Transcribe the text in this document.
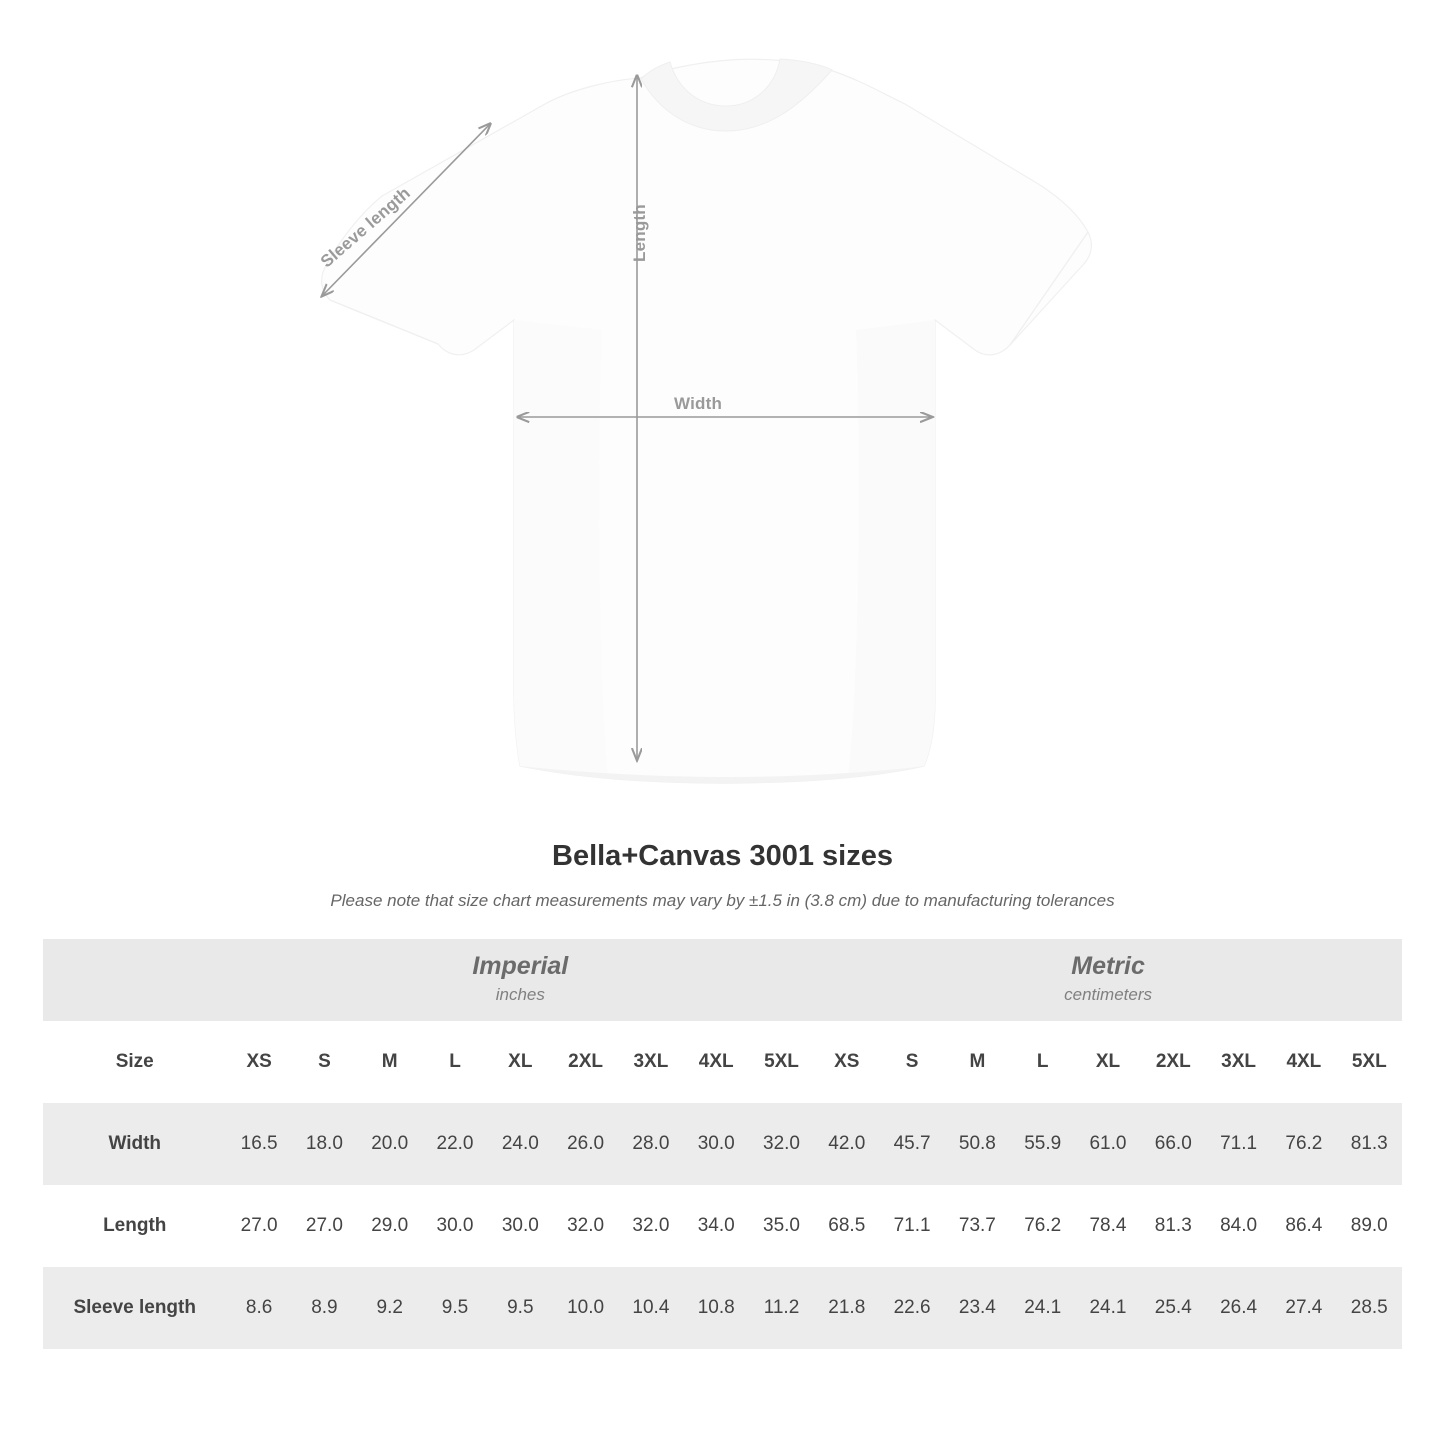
Width
Length
Sleeve length
Bella+Canvas 3001 sizes
Please note that size chart measurements may vary by ±1.5 in (3.8 cm) due to manufacturing tolerances

	Imperial
inches									Metric
centimeters								

Size	XS	S	M	L	XL	2XL	3XL	4XL	5XL	XS	S	M	L	XL	2XL	3XL	4XL	5XL
Width	16.5	18.0	20.0	22.0	24.0	26.0	28.0	30.0	32.0	42.0	45.7	50.8	55.9	61.0	66.0	71.1	76.2	81.3
Length	27.0	27.0	29.0	30.0	30.0	32.0	32.0	34.0	35.0	68.5	71.1	73.7	76.2	78.4	81.3	84.0	86.4	89.0
Sleeve length	8.6	8.9	9.2	9.5	9.5	10.0	10.4	10.8	11.2	21.8	22.6	23.4	24.1	24.1	25.4	26.4	27.4	28.5
